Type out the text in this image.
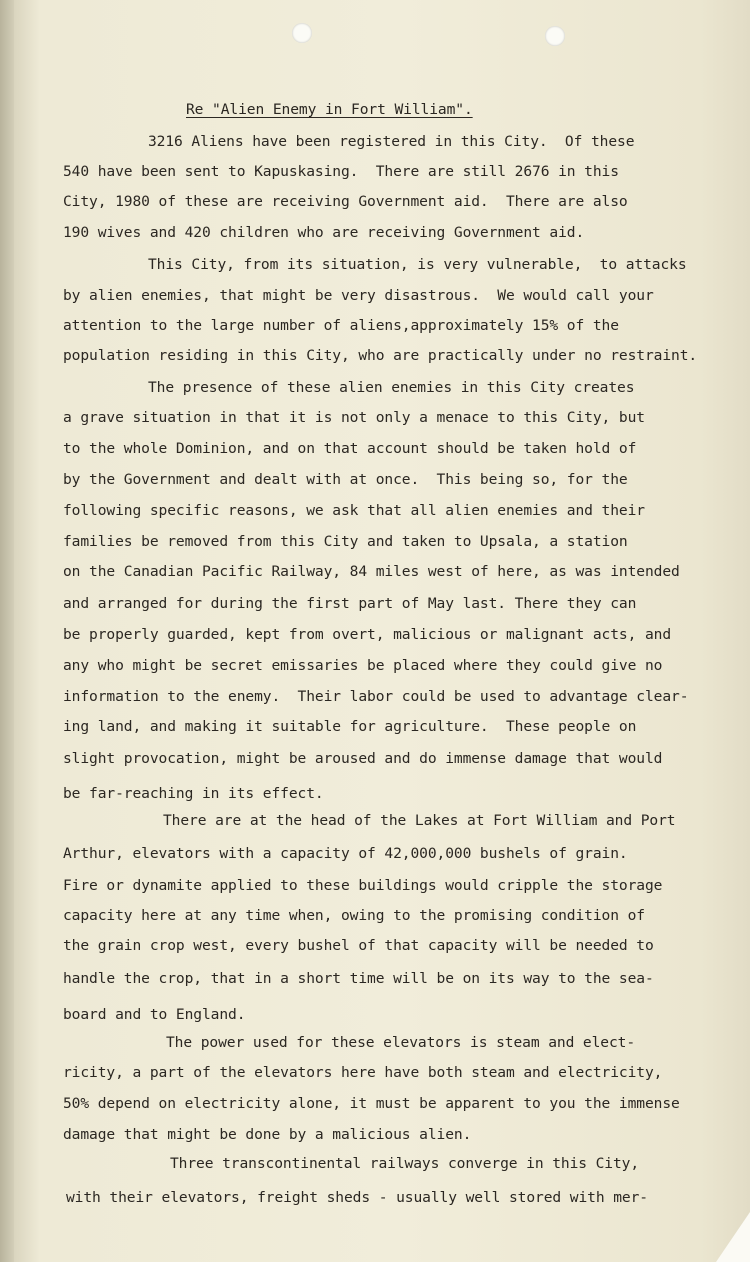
Re "Alien Enemy in Fort William".
3216 Aliens have been registered in this City.  Of these
540 have been sent to Kapuskasing.  There are still 2676 in this
City, 1980 of these are receiving Government aid.  There are also
190 wives and 420 children who are receiving Government aid.
This City, from its situation, is very vulnerable,  to attacks
by alien enemies, that might be very disastrous.  We would call your
attention to the large number of aliens,approximately 15% of the
population residing in this City, who are practically under no restraint.
The presence of these alien enemies in this City creates
a grave situation in that it is not only a menace to this City, but
to the whole Dominion, and on that account should be taken hold of
by the Government and dealt with at once.  This being so, for the
following specific reasons, we ask that all alien enemies and their
families be removed from this City and taken to Upsala, a station
on the Canadian Pacific Railway, 84 miles west of here, as was intended
and arranged for during the first part of May last. There they can
be properly guarded, kept from overt, malicious or malignant acts, and
any who might be secret emissaries be placed where they could give no
information to the enemy.  Their labor could be used to advantage clear-
ing land, and making it suitable for agriculture.  These people on
slight provocation, might be aroused and do immense damage that would
be far-reaching in its effect.
There are at the head of the Lakes at Fort William and Port
Arthur, elevators with a capacity of 42,000,000 bushels of grain.
Fire or dynamite applied to these buildings would cripple the storage
capacity here at any time when, owing to the promising condition of
the grain crop west, every bushel of that capacity will be needed to
handle the crop, that in a short time will be on its way to the sea-
board and to England.
The power used for these elevators is steam and elect-
ricity, a part of the elevators here have both steam and electricity,
50% depend on electricity alone, it must be apparent to you the immense
damage that might be done by a malicious alien.
Three transcontinental railways converge in this City,
with their elevators, freight sheds - usually well stored with mer-
